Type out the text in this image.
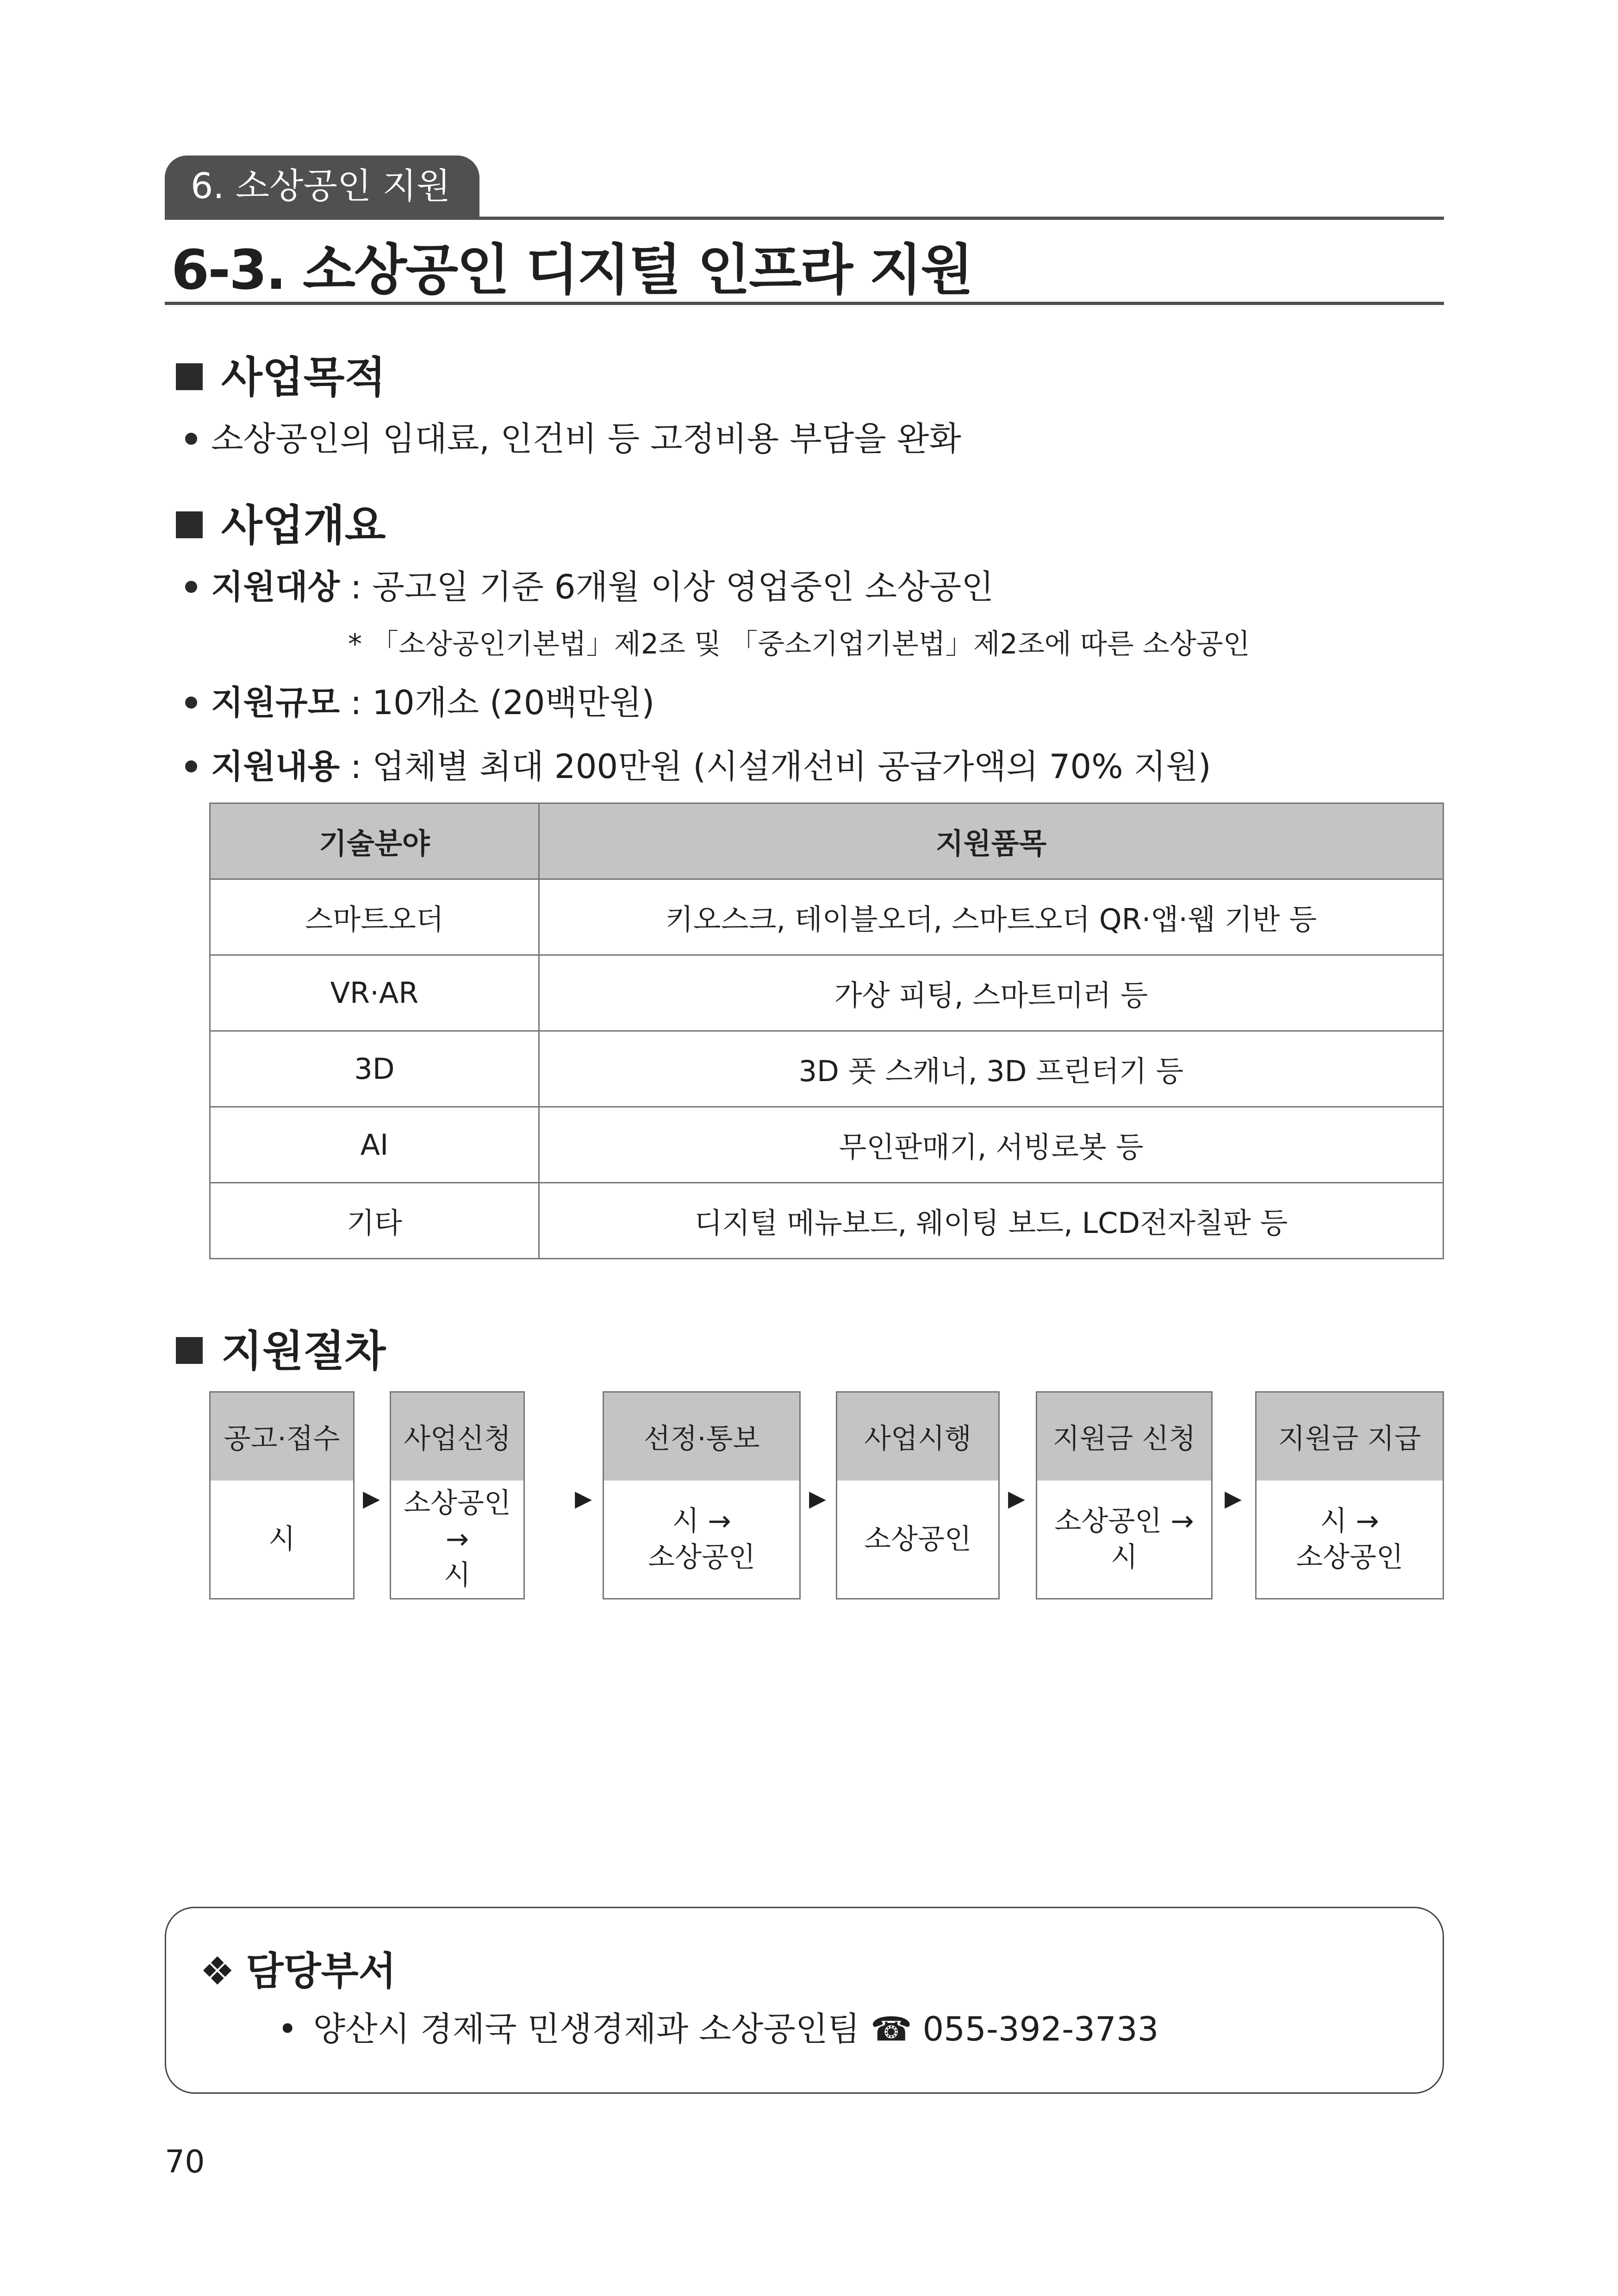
6. 소상공인 지원
6-3. 소상공인 디지털 인프라 지원
사업목적
소상공인의 임대료, 인건비 등 고정비용 부담을 완화
사업개요
지원대상 : 공고일 기준 6개월 이상 영업중인 소상공인
* 「소상공인기본법」제2조 및 「중소기업기본법」제2조에 따른 소상공인
지원규모 : 10개소 (20백만원)
지원내용 : 업체별 최대 200만원 (시설개선비 공급가액의 70% 지원)
기술분야	지원품목
스마트오더	키오스크, 테이블오더, 스마트오더 QR·앱·웹 기반 등
VR·AR	가상 피팅, 스마트미러 등
3D	3D 풋 스캐너, 3D 프린터기 등
AI	무인판매기, 서빙로봇 등
기타	디지털 메뉴보드, 웨이팅 보드, LCD전자칠판 등
지원절차
공고·접수
시
▶
사업신청
소상공인 →
시
▶
선정·통보
시 →
소상공인
▶
사업시행
소상공인
▶
지원금 신청
소상공인 →
시
▶
지원금 지급
시 →
소상공인
❖ 담당부서
• 양산시 경제국 민생경제과 소상공인팀 ☎ 055-392-3733
70
